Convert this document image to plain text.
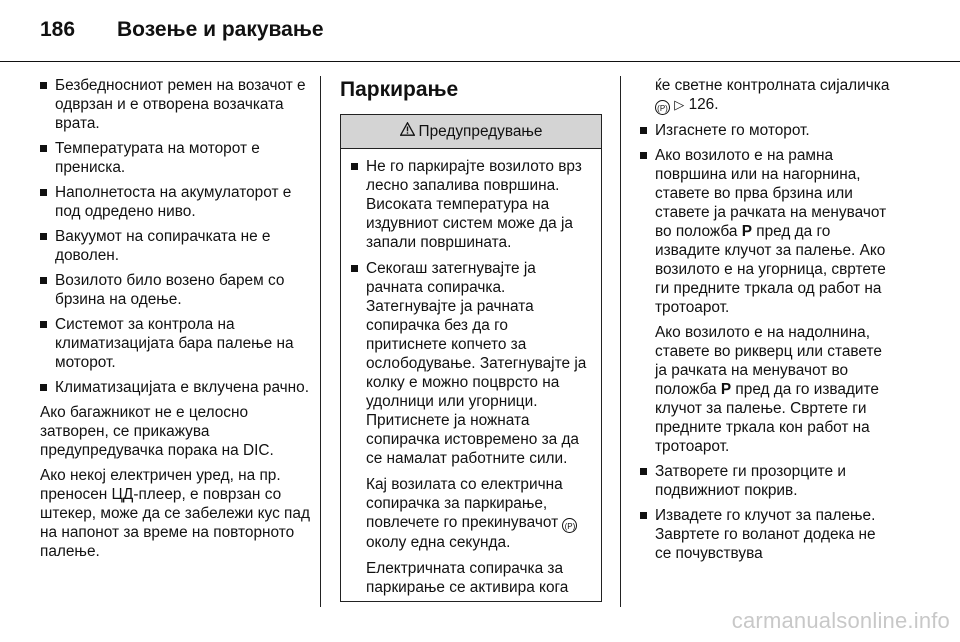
186 Возење и ракување
Безбедносниот ремен на возачот е одврзан и е отворена возачката врата.
Температурата на моторот е прениска.
Наполнетоста на акумулаторот е под одредено ниво.
Вакуумот на сопирачката не е доволен.
Возилото било возено барем со брзина на одење.
Системот за контрола на климатизацијата бара палење на моторот.
Климатизацијата е вклучена рачно.

Ако багажникот не е целосно затворен, се прикажува предупредувачка порака на DIC.

Ако некој електричен уред, на пр. преносен ЦД-плеер, е поврзан со штекер, може да се забележи кус пад на напонот за време на повторното палење.

Паркирање
Предупредување
Не го паркирајте возилото врз лесно запалива површина. Високата температура на издувниот систем може да ја запали површината.
Секогаш затегнувајте ја рачната сопирачка. Затегнувајте ја рачната сопирачка без да го притиснете копчето за ослободување. Затегнувајте ја колку е можно поцврсто на удолници или угорници. Притиснете ја ножната сопирачка истовремено за да се намалат работните сили.

Кај возилата со електрична сопирачка за паркирање, повлечете го прекинувачот (P) околу една секунда.

Електричната сопирачка за паркирање се активира кога

ќе светне контролната сијаличка (P) ▷ 126.

Изгаснете го моторот.
Ако возилото е на рамна површина или на нагорнина, ставете во прва брзина или ставете ја рачката на менувачот во положба P пред да го извадите клучот за палење. Ако возилото е на угорница, свртете ги предните тркала од работ на тротоарот.

Ако возилото е на надолнина, ставете во рикверц или ставете ја рачката на менувачот во положба P пред да го извадите клучот за палење. Свртете ги предните тркала кон работ на тротоарот.

Затворете ги прозорците и подвижниот покрив.
Извадете го клучот за палење. Завртете го воланот додека не се почувствува
carmanualsonline.info
